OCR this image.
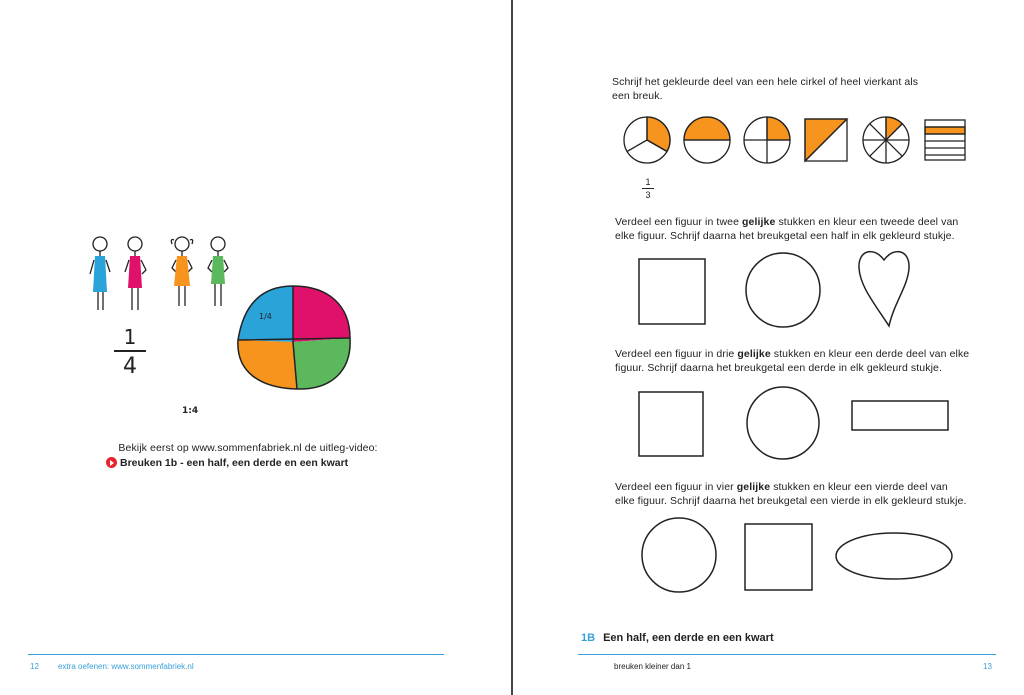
1
4
1:4
1/4
Bekijk eerst op www.sommenfabriek.nl de uitleg-video:
Breuken 1b - een half, een derde en een kwart
12 extra oefenen: www.sommenfabriek.nl
Schrijf het gekleurde deel van een hele cirkel of heel vierkant als
een breuk.
1
3
Verdeel een figuur in twee gelijke stukken en kleur een tweede deel van
elke figuur. Schrijf daarna het breukgetal een half in elk gekleurd stukje.
Verdeel een figuur in drie gelijke stukken en kleur een derde deel van elke
figuur. Schrijf daarna het breukgetal een derde in elk gekleurd stukje.
Verdeel een figuur in vier gelijke stukken en kleur een vierde deel van
elke figuur. Schrijf daarna het breukgetal een vierde in elk gekleurd stukje.
1B Een half, een derde en een kwart
breuken kleiner dan 1	13
